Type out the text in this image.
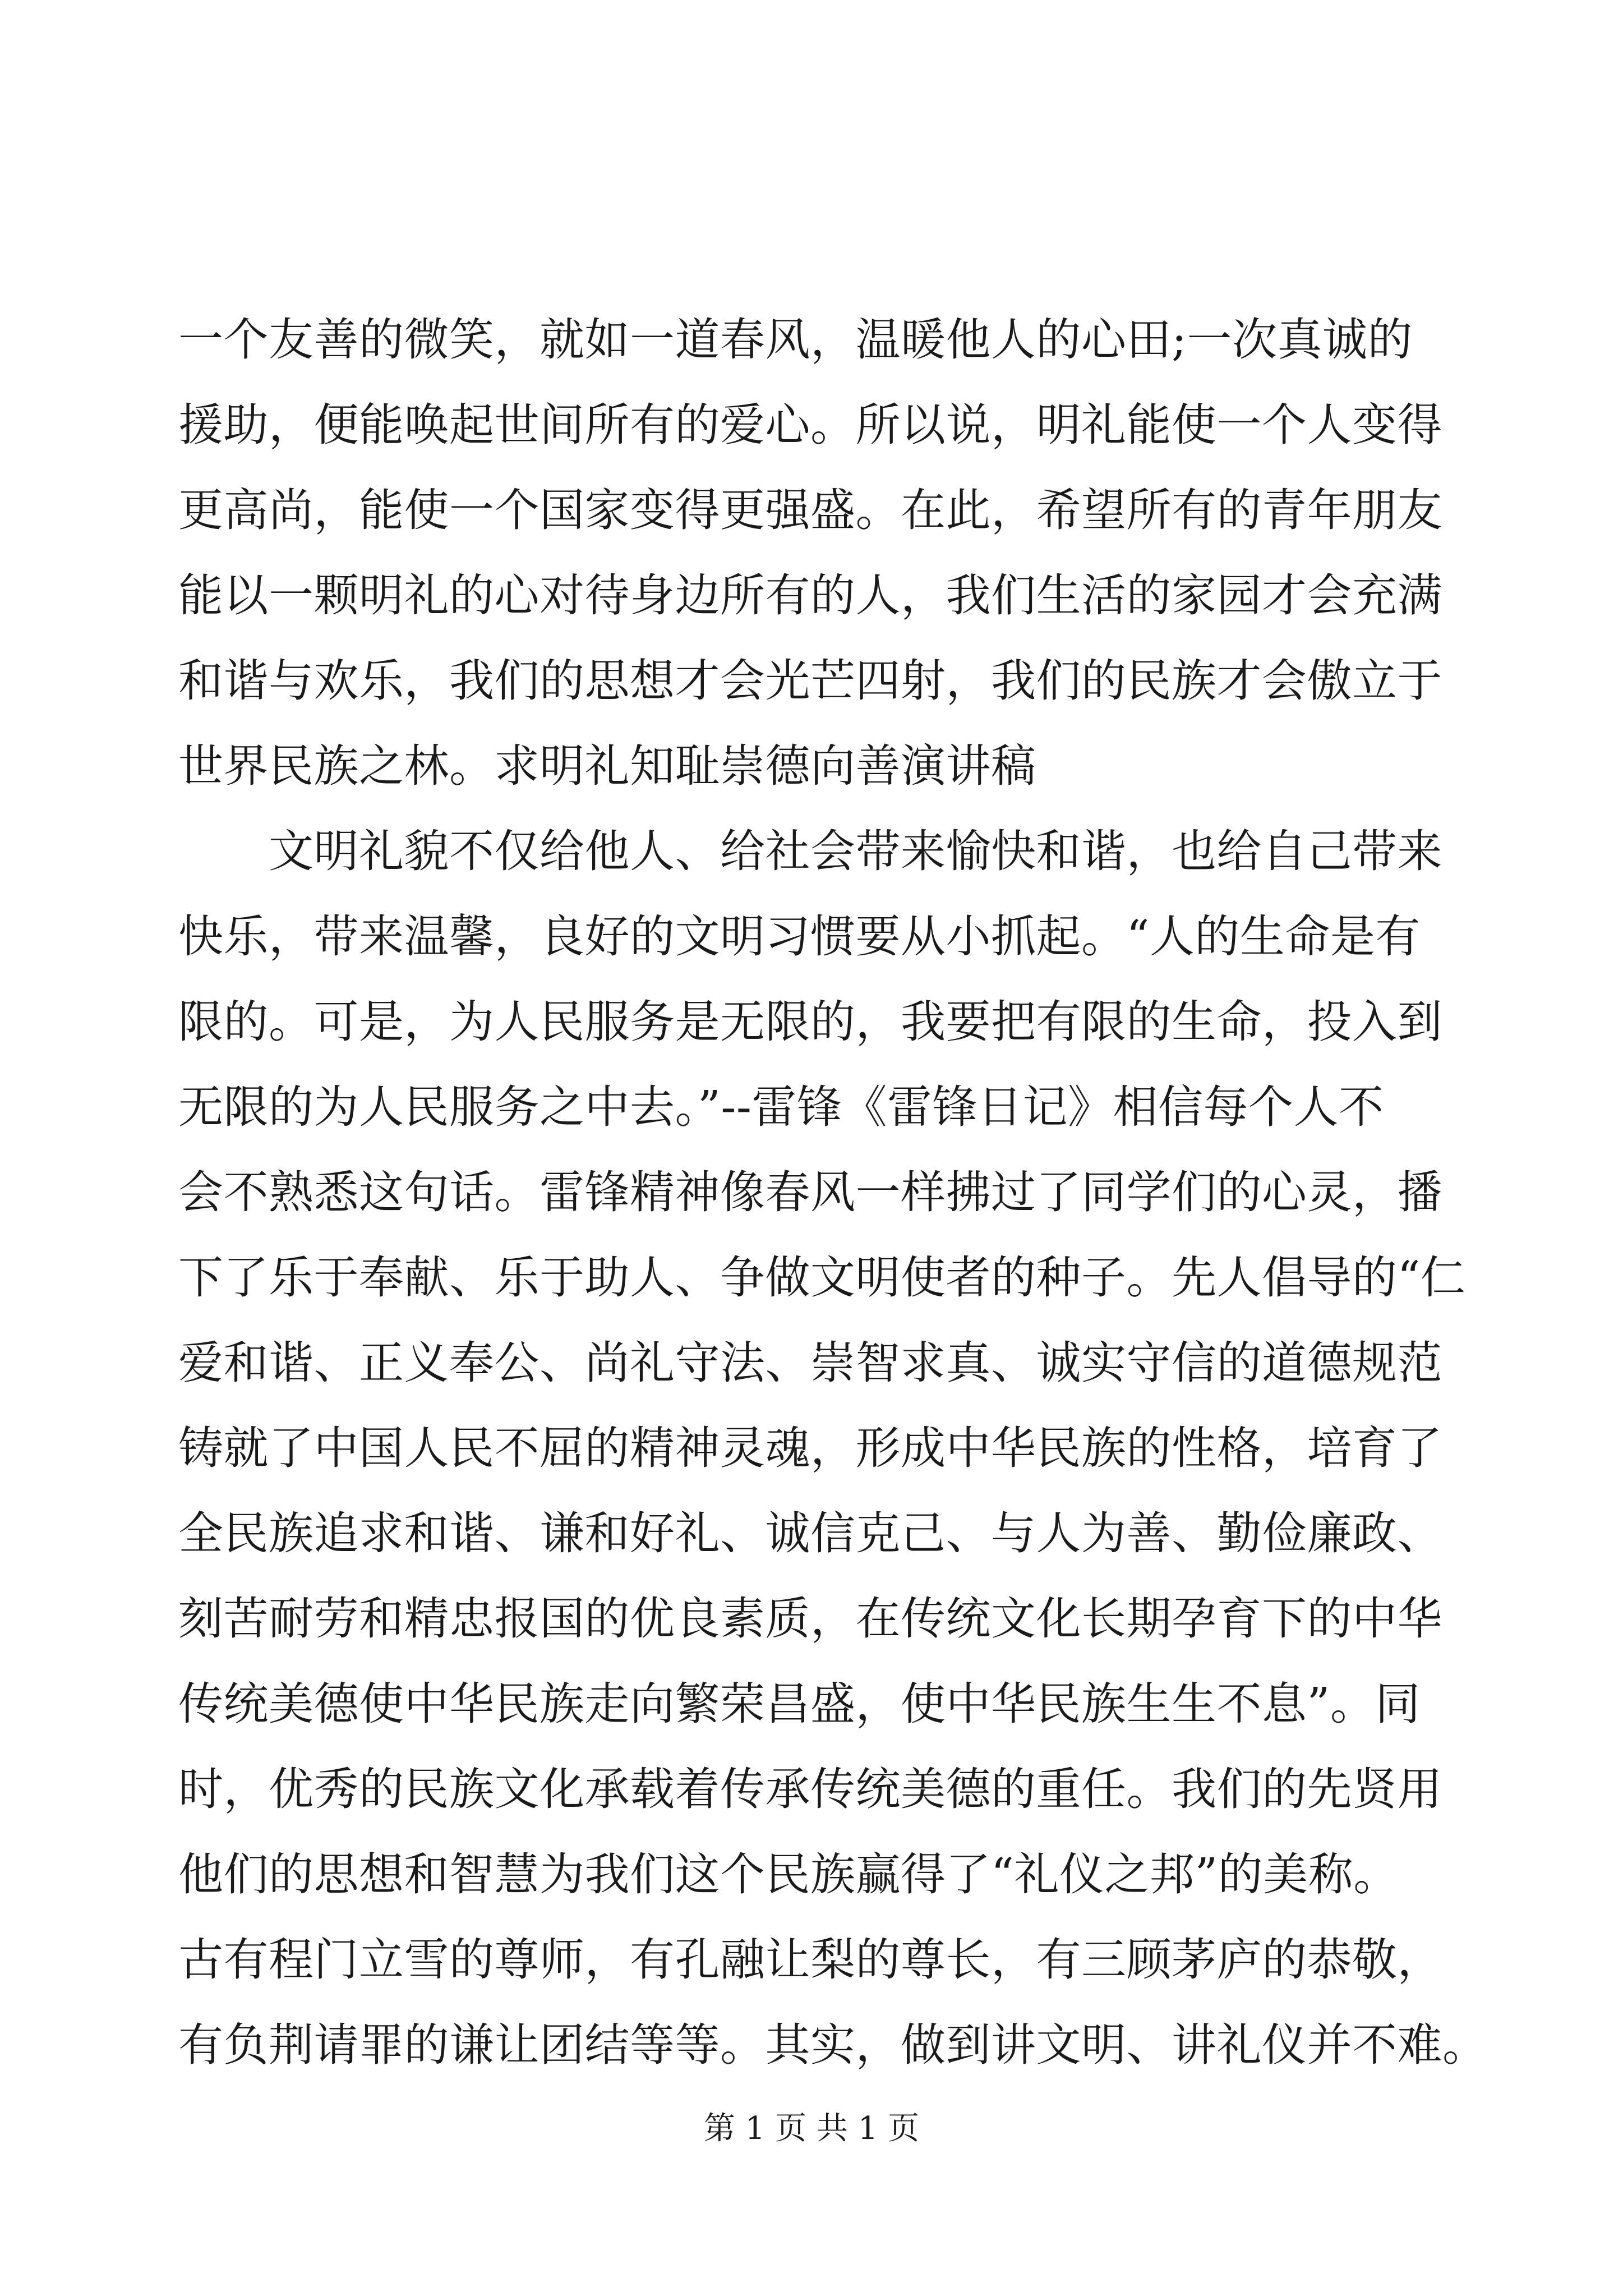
一个友善的微笑，就如一道春风，温暖他人的心田;一次真诚的
援助，便能唤起世间所有的爱心。所以说，明礼能使一个人变得
更高尚，能使一个国家变得更强盛。在此，希望所有的青年朋友
能以一颗明礼的心对待身边所有的人，我们生活的家园才会充满
和谐与欢乐，我们的思想才会光芒四射，我们的民族才会傲立于
世界民族之林。求明礼知耻崇德向善演讲稿
　　文明礼貌不仅给他人、给社会带来愉快和谐，也给自己带来
快乐，带来温馨，良好的文明习惯要从小抓起。“人的生命是有
限的。可是，为人民服务是无限的，我要把有限的生命，投入到
无限的为人民服务之中去。”--雷锋《雷锋日记》相信每个人不
会不熟悉这句话。雷锋精神像春风一样拂过了同学们的心灵，播
下了乐于奉献、乐于助人、争做文明使者的种子。先人倡导的“仁
爱和谐、正义奉公、尚礼守法、崇智求真、诚实守信的道德规范
铸就了中国人民不屈的精神灵魂，形成中华民族的性格，培育了
全民族追求和谐、谦和好礼、诚信克己、与人为善、勤俭廉政、
刻苦耐劳和精忠报国的优良素质，在传统文化长期孕育下的中华
传统美德使中华民族走向繁荣昌盛，使中华民族生生不息”。同
时，优秀的民族文化承载着传承传统美德的重任。我们的先贤用
他们的思想和智慧为我们这个民族赢得了“礼仪之邦”的美称。
古有程门立雪的尊师，有孔融让梨的尊长，有三顾茅庐的恭敬，
有负荆请罪的谦让团结等等。其实，做到讲文明、讲礼仪并不难。
第 1 页 共 1 页
